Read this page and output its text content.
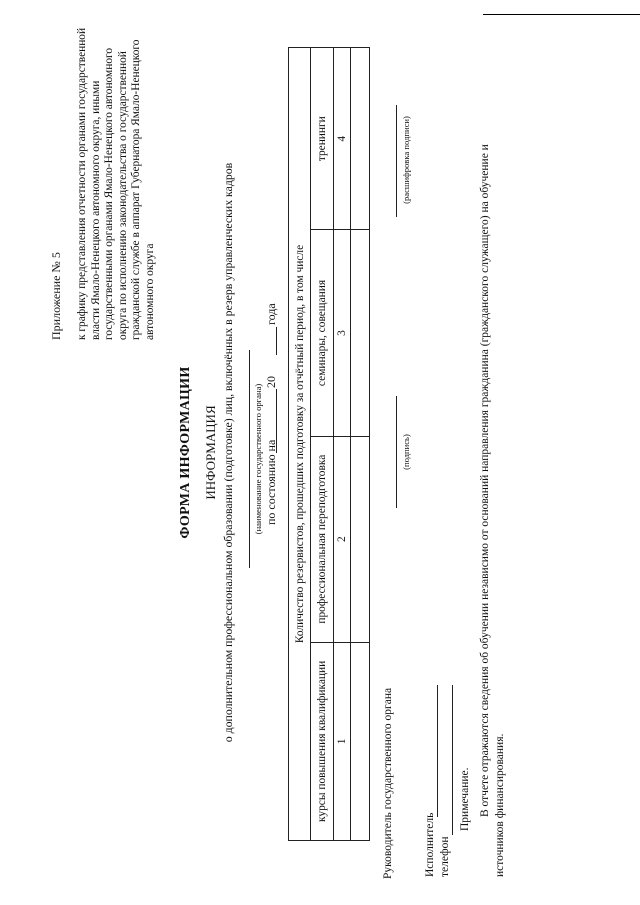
Приложение № 5 к графику представления отчетности органами государственной власти Ямало-Ненецкого автономного округа, иными государственными органами Ямало-Ненецкого автономного округа по исполнению законодательства о государственной гражданской службе в аппарат Губернатора Ямало-Ненецкого автономного округа
ФОРМА ИНФОРМАЦИИ ИНФОРМАЦИЯ о дополнительном профессиональном образовании (подготовке) лиц, включённых в резерв управленческих кадров (наименование государственного органа) по состоянию на
20
года Количество резервистов, прошедших подготовку за отчётный период, в том числе			
курсы повышения квалификации	профессиональная переподготовка	семинары, совещания	тренинги
1	2	3	4

Руководитель государственного органа
(подпись)
(расшифровка подписи)
Исполнитель телефон
Примечание. В отчете отражаются сведения об обучении независимо от оснований направления гражданина (гражданского служащего) на обучение и источников финансирования.
